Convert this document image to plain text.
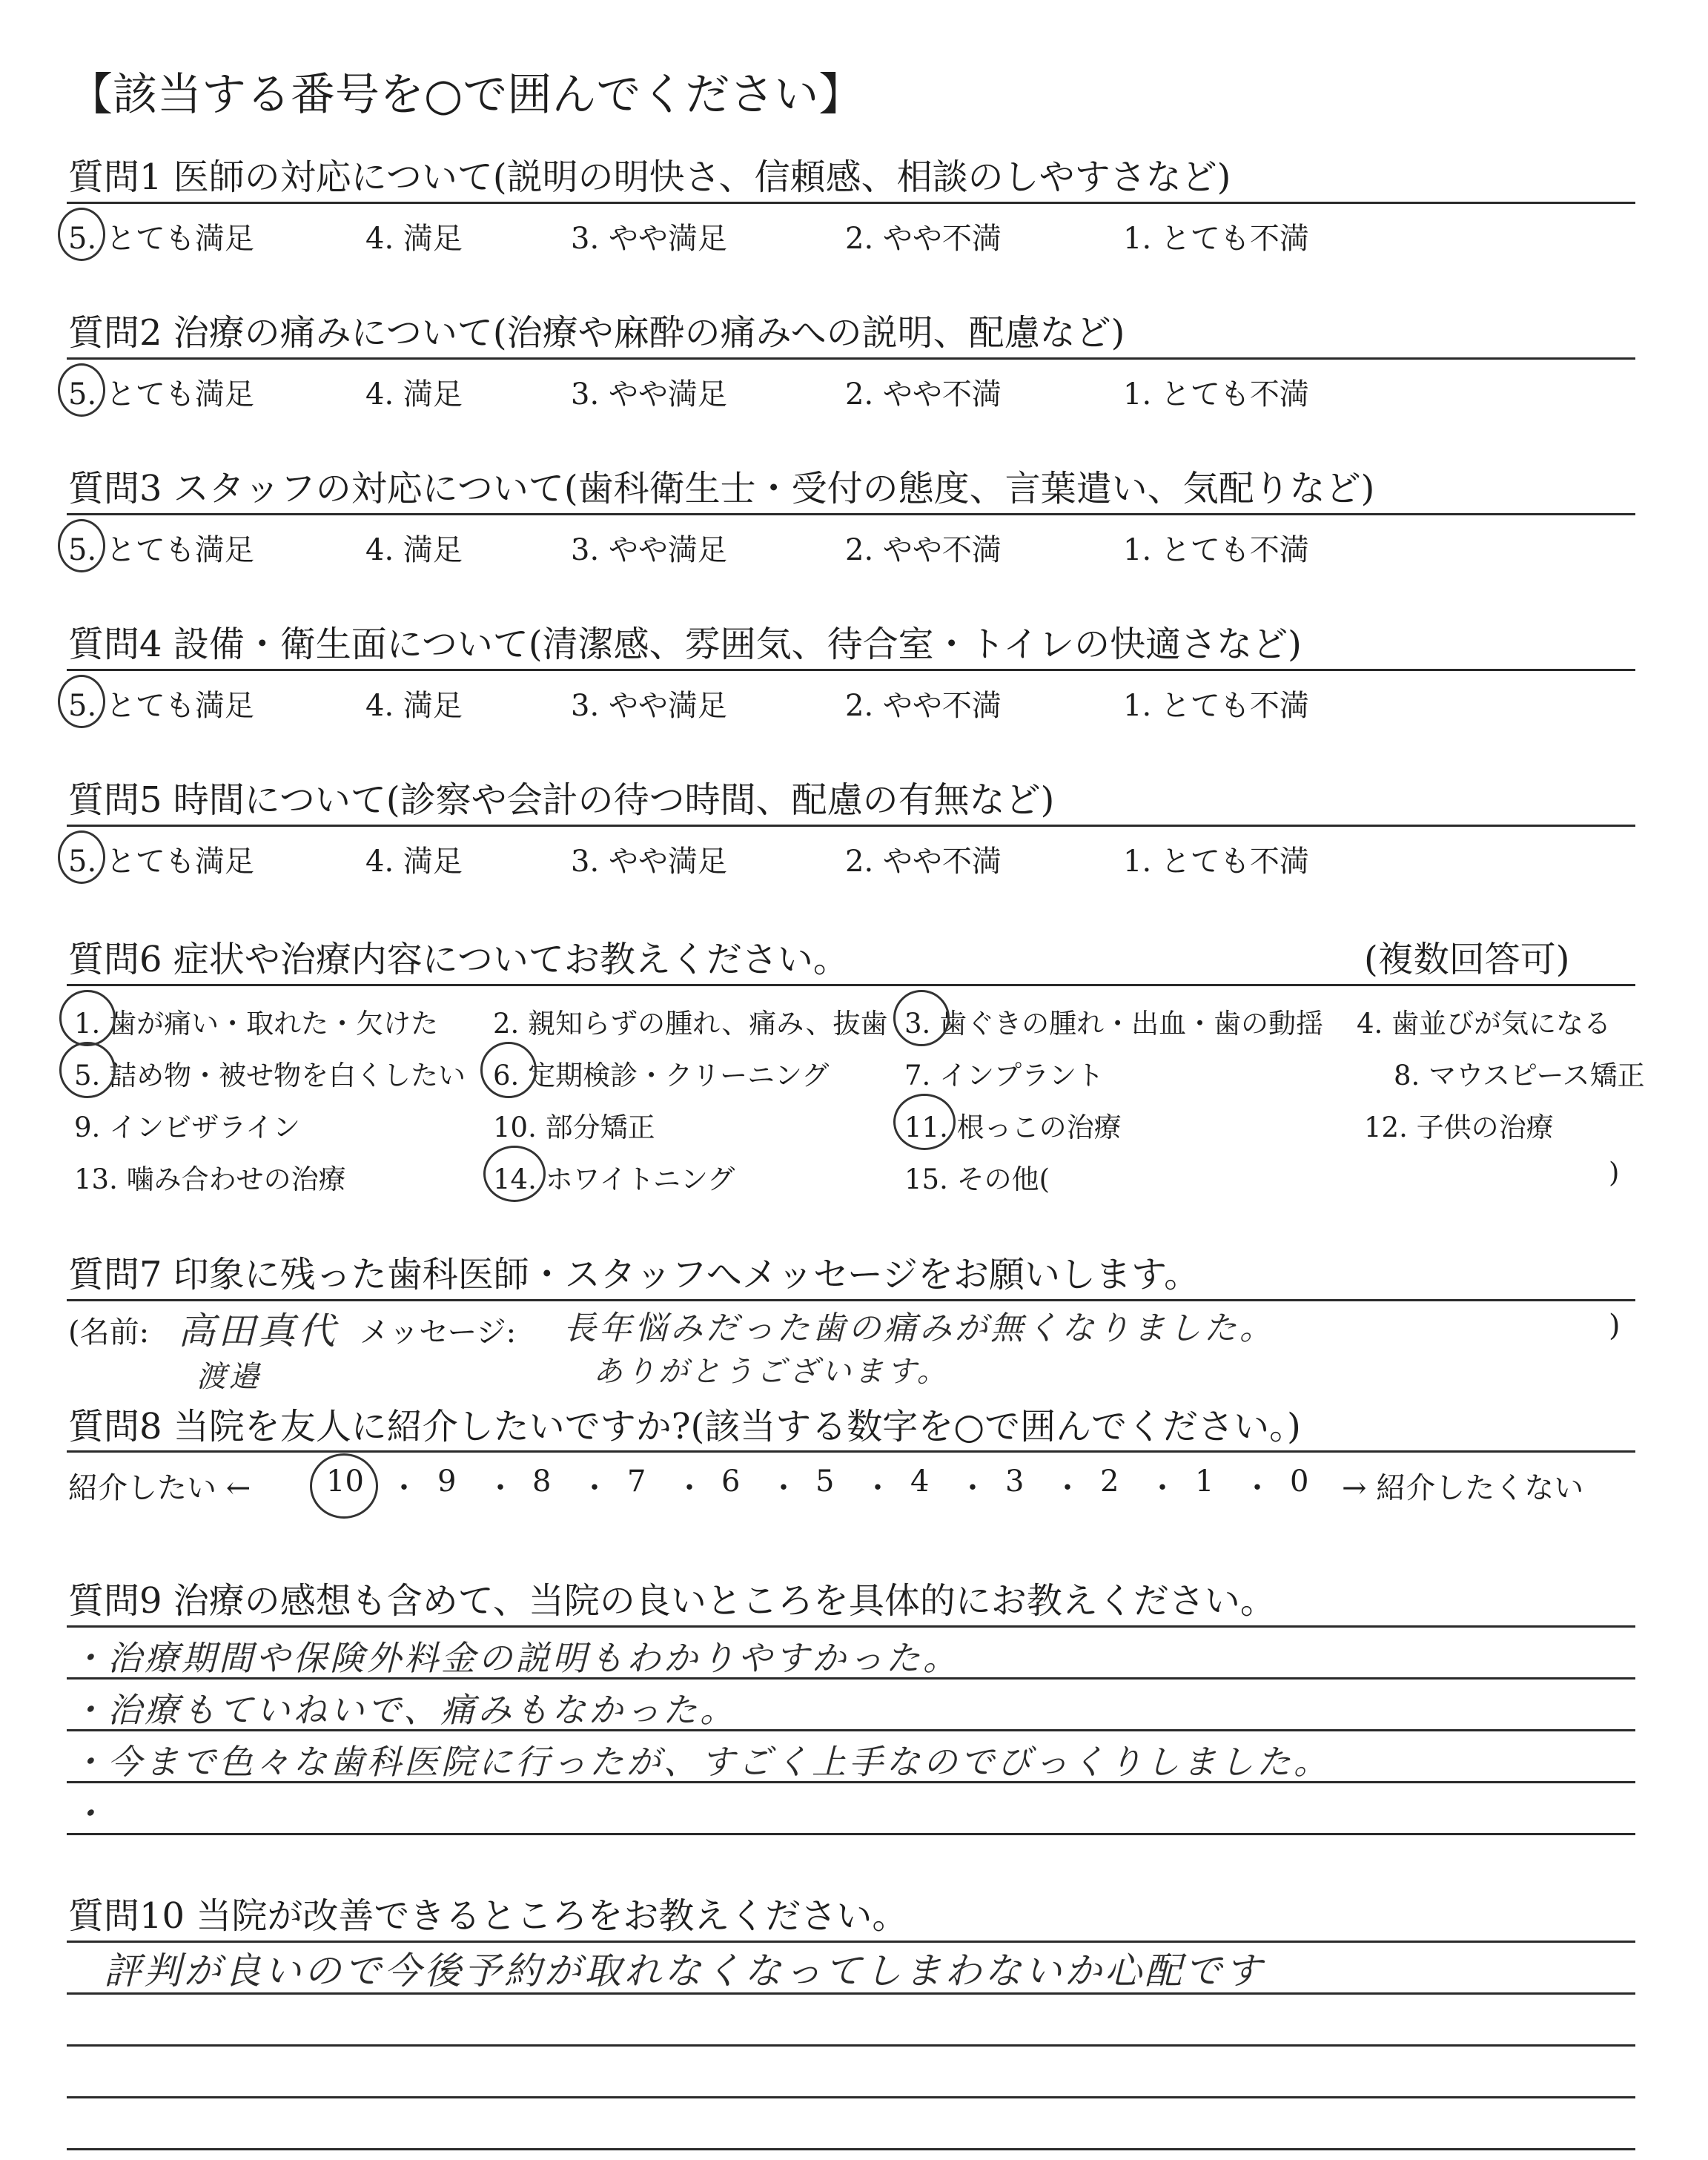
【該当する番号を○で囲んでください】
質問1 医師の対応について(説明の明快さ、信頼感、相談のしやすさなど)
5. とても満足	4. 満足	3. やや満足	2. やや不満	1. とても不満
質問2 治療の痛みについて(治療や麻酔の痛みへの説明、配慮など)
5. とても満足	4. 満足	3. やや満足	2. やや不満	1. とても不満
質問3 スタッフの対応について(歯科衛生士・受付の態度、言葉遣い、気配りなど)
5. とても満足	4. 満足	3. やや満足	2. やや不満	1. とても不満
質問4 設備・衛生面について(清潔感、雰囲気、待合室・トイレの快適さなど)
5. とても満足	4. 満足	3. やや満足	2. やや不満	1. とても不満
質問5 時間について(診察や会計の待つ時間、配慮の有無など)
5. とても満足	4. 満足	3. やや満足	2. やや不満	1. とても不満
質問6 症状や治療内容についてお教えください。	(複数回答可)
1. 歯が痛い・取れた・欠けた 2. 親知らずの腫れ、痛み、抜歯 3. 歯ぐきの腫れ・出血・歯の動揺 4. 歯並びが気になる
5. 詰め物・被せ物を白くしたい 6. 定期検診・クリーニング	7. インプラント	8. マウスピース矯正
9. インビザライン	10. 部分矯正	11. 根っこの治療	12. 子供の治療
13. 噛み合わせの治療	14. ホワイトニング	15. その他(	)
質問7 印象に残った歯科医師・スタッフへメッセージをお願いします。
(名前:	メッセージ:	)
高田真代
渡邉
長年悩みだった歯の痛みが無くなりました。
ありがとうございます。
質問8 当院を友人に紹介したいですか?(該当する数字を○で囲んでください。)
紹介したい ←	→ 紹介したくない
10 ・ 9 ・ 8 ・ 7 ・ 6 ・ 5 ・ 4 ・ 3 ・ 2 ・ 1 ・ 0
質問9 治療の感想も含めて、当院の良いところを具体的にお教えください。
・治療期間や保険外料金の説明もわかりやすかった。
・治療もていねいで、痛みもなかった。
・今まで色々な歯科医院に行ったが、すごく上手なのでびっくりしました。
・
質問10 当院が改善できるところをお教えください。
評判が良いので今後予約が取れなくなってしまわないか心配です
